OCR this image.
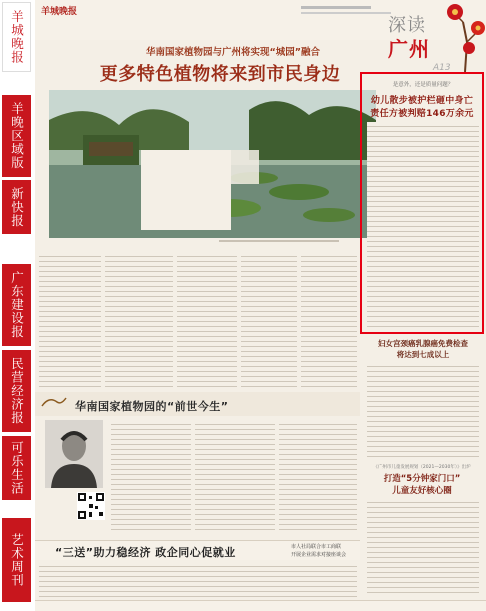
羊城晚报
羊晚区域版
新快报
广东建设报
民营经济报
可乐生活
艺术周刊
羊城晚报
深读
广州
A13
华南国家植物园与广州将实现“城园”融合
更多特色植物将来到市民身边	是意外，还是质量问题？
幼儿散步被护栏砸中身亡
责任方被判赔146万余元
妇女宫颈癌乳腺癌免费检查
将达到七成以上
《广州市儿童发展规划（2021—2030年）》出炉
打造“5分钟家门口”
儿童友好核心圈
华南国家植物园的“前世今生”
“三送”助力稳经济 政企同心促就业	市人社局联合市工商联
开展企业需求对接座谈会
